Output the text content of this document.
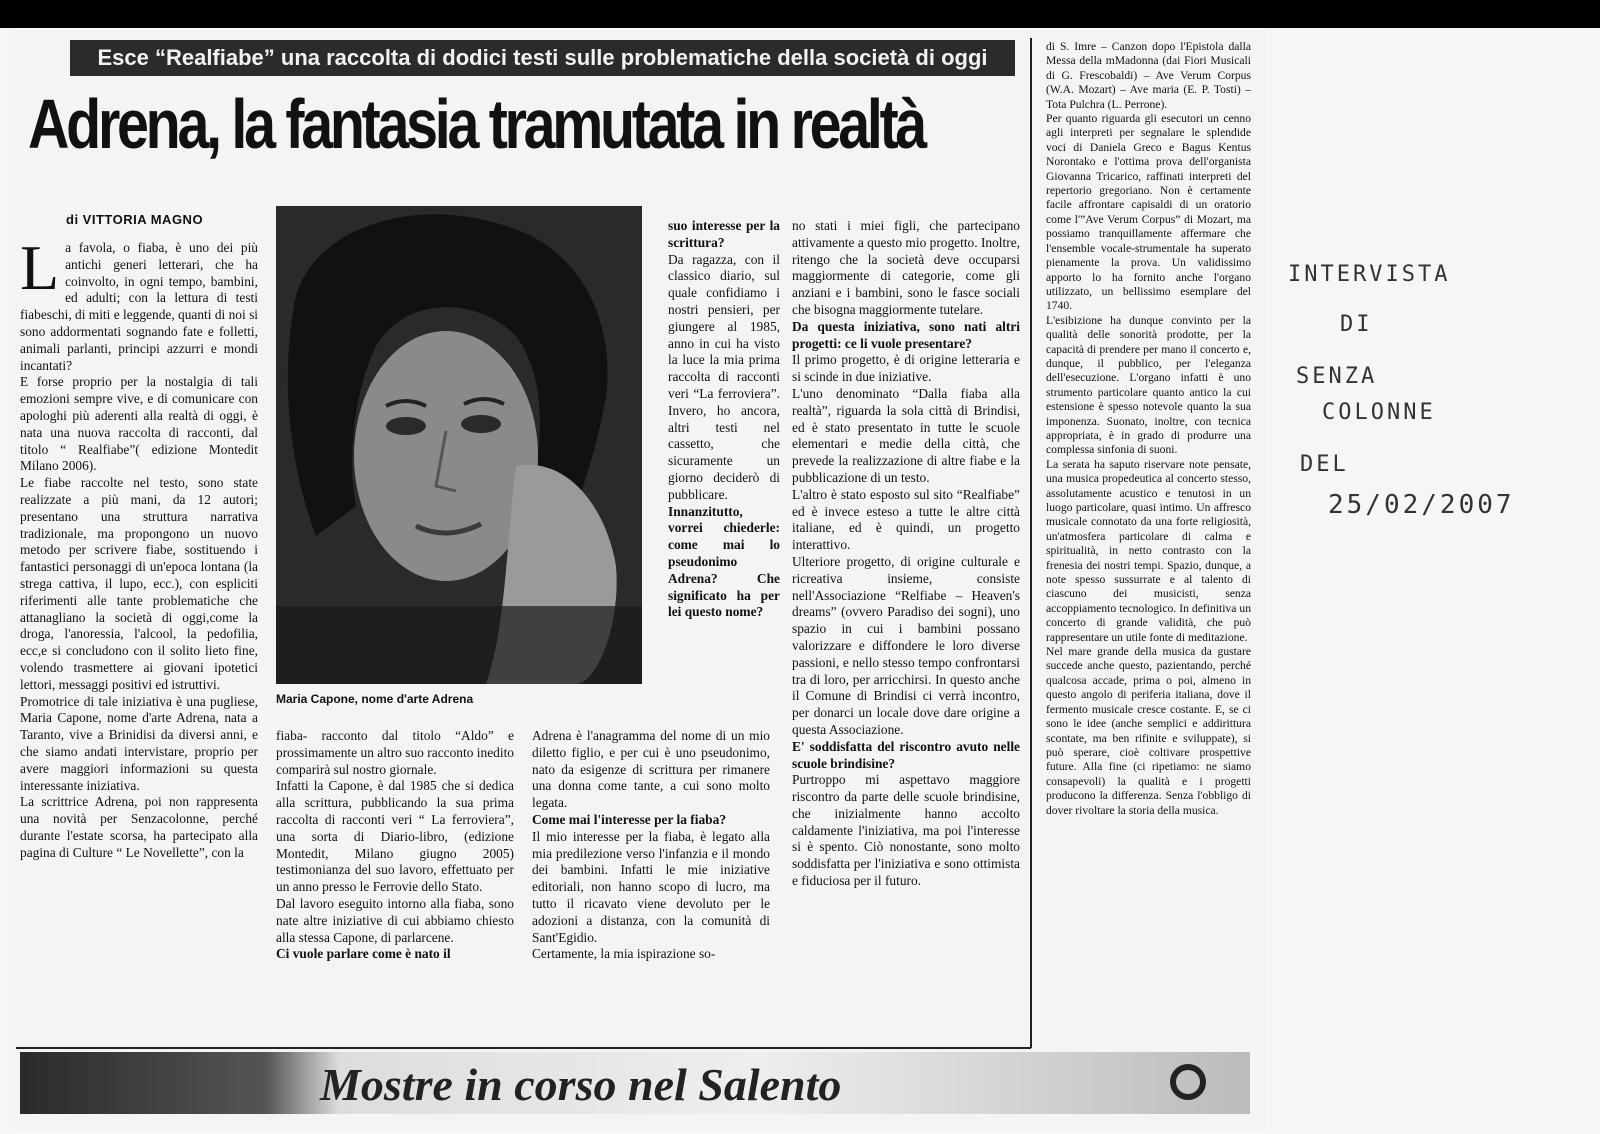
Esce “Realfiabe” una raccolta di dodici testi sulle problematiche della società di oggi
Adrena, la fantasia tramutata in realtà
di VITTORIA MAGNO

La favola, o fiaba, è uno dei più antichi generi letterari, che ha coinvolto, in ogni tempo, bambini, ed adulti; con la lettura di testi fiabeschi, di miti e leggende, quanti di noi si sono addormentati sognando fate e folletti, animali parlanti, principi azzurri e mondi incantati?

E forse proprio per la nostalgia di tali emozioni sempre vive, e di comunicare con apologhi più aderenti alla realtà di oggi, è nata una nuova raccolta di racconti, dal titolo “ Realfiabe”( edizione Montedit Milano 2006).

Le fiabe raccolte nel testo, sono state realizzate a più mani, da 12 autori; presentano una struttura narrativa tradizionale, ma propongono un nuovo metodo per scrivere fiabe, sostituendo i fantastici personaggi di un'epoca lontana (la strega cattiva, il lupo, ecc.), con espliciti riferimenti alle tante problematiche che attanagliano la società di oggi,come la droga, l'anoressia, l'alcool, la pedofilia, ecc,e si concludono con il solito lieto fine, volendo trasmettere ai giovani ipotetici lettori, messaggi positivi ed istruttivi.

Promotrice di tale iniziativa è una pugliese, Maria Capone, nome d'arte Adrena, nata a Taranto, vive a Brinidisi da diversi anni, e che siamo andati intervistare, proprio per avere maggiori informazioni su questa interessante iniziativa.

La scrittrice Adrena, poi non rappresenta una novità per Senzacolonne, perché durante l'estate scorsa, ha partecipato alla pagina di Culture “ Le Novellette”, con la

Maria Capone, nome d'arte Adrena

fiaba- racconto dal titolo “Aldo” e prossimamente un altro suo racconto inedito comparirà sul nostro giornale.

Infatti la Capone, è dal 1985 che si dedica alla scrittura, pubblicando la sua prima raccolta di racconti veri “ La ferroviera”, una sorta di Diario-libro, (edizione Montedit, Milano giugno 2005) testimonianza del suo lavoro, effettuato per un anno presso le Ferrovie dello Stato.

Dal lavoro eseguito intorno alla fiaba, sono nate altre iniziative di cui abbiamo chiesto alla stessa Capone, di parlarcene.

Ci vuole parlare come è nato il

suo interesse per la scrittura?

Da ragazza, con il classico diario, sul quale confidiamo i nostri pensieri, per giungere al 1985, anno in cui ha visto la luce la mia prima raccolta di racconti veri “La ferroviera”. Invero, ho ancora, altri testi nel cassetto, che sicuramente un giorno deciderò di pubblicare.

Innanzitutto, vorrei chiederle: come mai lo pseudonimo Adrena? Che significato ha per lei questo nome?

Adrena è l'anagramma del nome di un mio diletto figlio, e per cui è uno pseudonimo, nato da esigenze di scrittura per rimanere una donna come tante, a cui sono molto legata.

Come mai l'interesse per la fiaba?

Il mio interesse per la fiaba, è legato alla mia predilezione verso l'infanzia e il mondo dei bambini. Infatti le mie iniziative editoriali, non hanno scopo di lucro, ma tutto il ricavato viene devoluto per le adozioni a distanza, con la comunità di Sant'Egidio.

Certamente, la mia ispirazione so-

no stati i miei figli, che partecipano attivamente a questo mio progetto. Inoltre, ritengo che la società deve occuparsi maggiormente di categorie, come gli anziani e i bambini, sono le fasce sociali che bisogna maggiormente tutelare.

Da questa iniziativa, sono nati altri progetti: ce li vuole presentare?

Il primo progetto, è di origine letteraria e si scinde in due iniziative.

L'uno denominato “Dalla fiaba alla realtà”, riguarda la sola città di Brindisi, ed è stato presentato in tutte le scuole elementari e medie della città, che prevede la realizzazione di altre fiabe e la pubblicazione di un testo.

L'altro è stato esposto sul sito “Realfiabe” ed è invece esteso a tutte le altre città italiane, ed è quindi, un progetto interattivo.

Ulteriore progetto, di origine culturale e ricreativa insieme, consiste nell'Associazione “Relfiabe – Heaven's dreams” (ovvero Paradiso dei sogni), uno spazio in cui i bambini possano valorizzare e diffondere le loro diverse passioni, e nello stesso tempo confrontarsi tra di loro, per arricchirsi. In questo anche il Comune di Brindisi ci verrà incontro, per donarci un locale dove dare origine a questa Associazione.

E' soddisfatta del riscontro avuto nelle scuole brindisine?

Purtroppo mi aspettavo maggiore riscontro da parte delle scuole brindisine, che inizialmente hanno accolto caldamente l'iniziativa, ma poi l'interesse si è spento. Ciò nonostante, sono molto soddisfatta per l'iniziativa e sono ottimista e fiduciosa per il futuro.

di S. Imre – Canzon dopo l'Epistola dalla Messa della mMadonna (dai Fiori Musicali di G. Frescobaldi) – Ave Verum Corpus (W.A. Mozart) – Ave maria (E. P. Tosti) – Tota Pulchra (L. Perrone).

Per quanto riguarda gli esecutori un cenno agli interpreti per segnalare le splendide voci di Daniela Greco e Bagus Kentus Norontako e l'ottima prova dell'organista Giovanna Tricarico, raffinati interpreti del repertorio gregoriano. Non è certamente facile affrontare capisaldi di un oratorio come l'”Ave Verum Corpus” di Mozart, ma possiamo tranquillamente affermare che l'ensemble vocale-strumentale ha superato pienamente la prova. Un validissimo apporto lo ha fornito anche l'organo utilizzato, un bellissimo esemplare del 1740.

L'esibizione ha dunque convinto per la qualità delle sonorità prodotte, per la capacità di prendere per mano il concerto e, dunque, il pubblico, per l'eleganza dell'esecuzione. L'organo infatti è uno strumento particolare quanto antico la cui estensione è spesso notevole quanto la sua imponenza. Suonato, inoltre, con tecnica appropriata, è in grado di produrre una complessa sinfonia di suoni.

La serata ha saputo riservare note pensate, una musica propedeutica al concerto stesso, assolutamente acustico e tenutosi in un luogo particolare, quasi intimo. Un affresco musicale connotato da una forte religiosità, un'atmosfera particolare di calma e spiritualità, in netto contrasto con la frenesia dei nostri tempi. Spazio, dunque, a note spesso sussurrate e al talento di ciascuno dei musicisti, senza accoppiamento tecnologico. In definitiva un concerto di grande validità, che può rappresentare un utile fonte di meditazione.

Nel mare grande della musica da gustare succede anche questo, pazientando, perché qualcosa accade, prima o poi, almeno in questo angolo di periferia italiana, dove il fermento musicale cresce costante. E, se ci sono le idee (anche semplici e addirittura scontate, ma ben rifinite e sviluppate), si può sperare, cioè coltivare prospettive future. Alla fine (ci ripetiamo: ne siamo consapevoli) la qualità e i progetti producono la differenza. Senza l'obbligo di dover rivoltare la storia della musica.

INTERVISTA
DI
SENZA
COLONNE
DEL
25/02/2007
Mostre in corso nel Salento
